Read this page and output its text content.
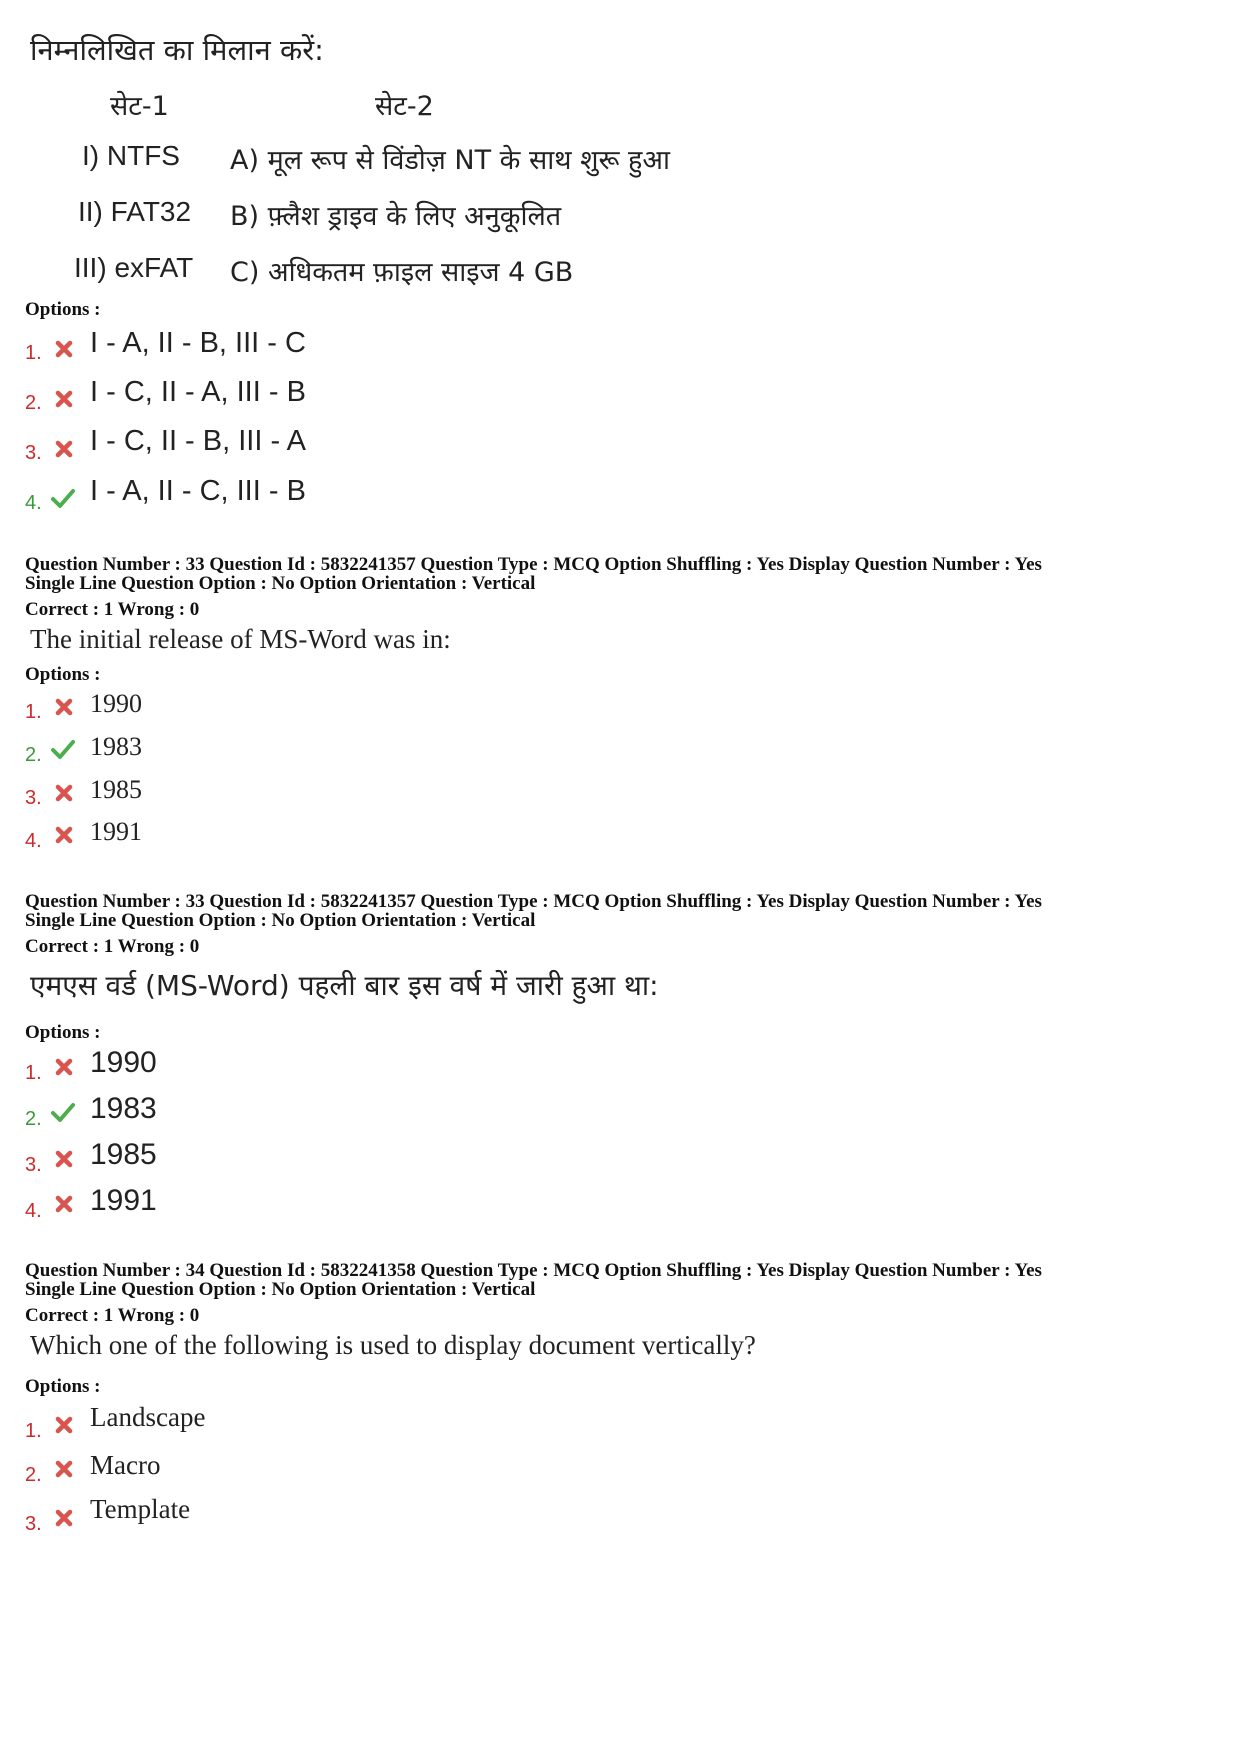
निम्नलिखित का मिलान करें:
सेट-1	सेट-2
I) NTFS A) मूल रूप से विंडोज़ NT के साथ शुरू हुआ
II) FAT32 B) फ़्लैश ड्राइव के लिए अनुकूलित
III) exFAT C) अधिकतम फ़ाइल साइज 4 GB
Options :
1. I - A, II - B, III - C
2. I - C, II - A, III - B
3. I - C, II - B, III - A
4. I - A, II - C, III - B
Question Number : 33 Question Id : 5832241357 Question Type : MCQ Option Shuffling : Yes Display Question Number : Yes
Single Line Question Option : No Option Orientation : Vertical
Correct : 1 Wrong : 0
The initial release of MS-Word was in:
Options :
1. 1990
2. 1983
3. 1985
4. 1991
Question Number : 33 Question Id : 5832241357 Question Type : MCQ Option Shuffling : Yes Display Question Number : Yes
Single Line Question Option : No Option Orientation : Vertical
Correct : 1 Wrong : 0
एमएस वर्ड (MS-Word) पहली बार इस वर्ष में जारी हुआ था:
Options :
1. 1990
2. 1983
3. 1985
4. 1991
Question Number : 34 Question Id : 5832241358 Question Type : MCQ Option Shuffling : Yes Display Question Number : Yes
Single Line Question Option : No Option Orientation : Vertical
Correct : 1 Wrong : 0
Which one of the following is used to display document vertically?
Options :
1. Landscape
2. Macro
3. Template
